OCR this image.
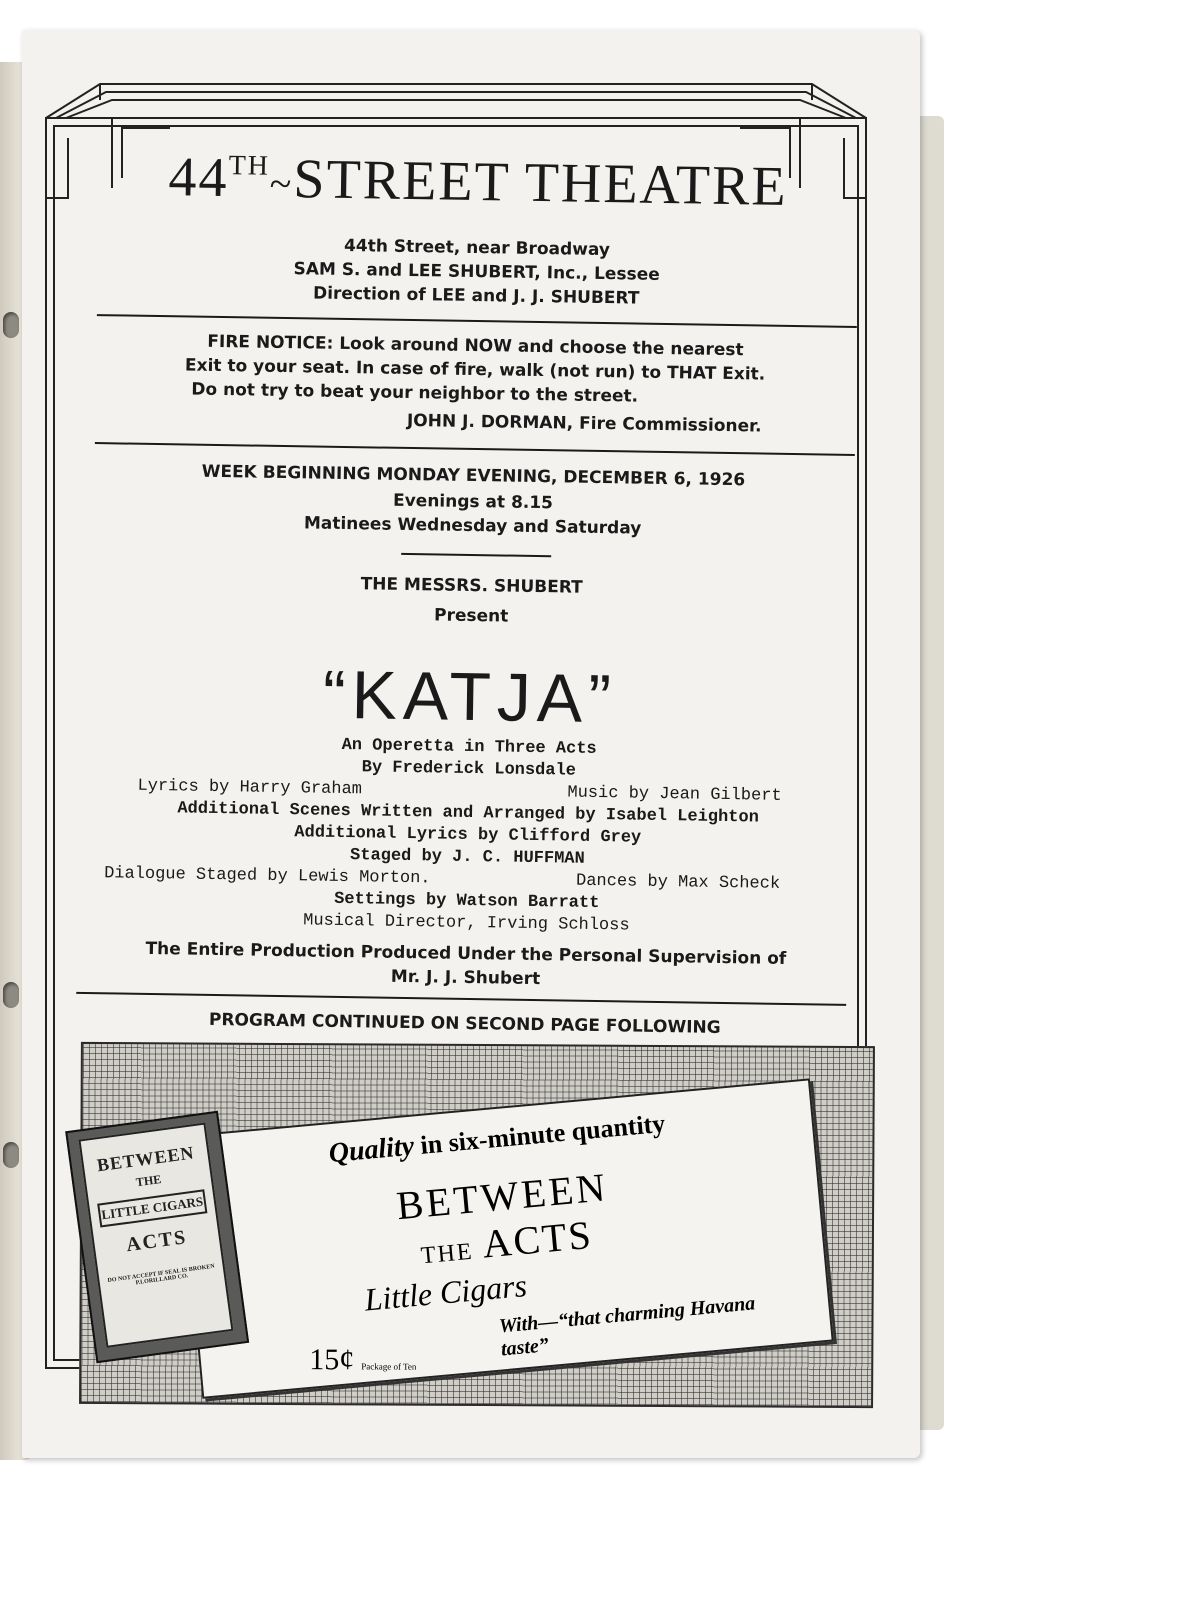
44TH~STREET THEATRE
44th Street, near Broadway
SAM S. and LEE SHUBERT, Inc., Lessee
Direction of LEE and J. J. SHUBERT
FIRE NOTICE: Look around NOW and choose the nearest
Exit to your seat. In case of fire, walk (not run) to THAT Exit.
Do not try to beat your neighbor to the street.
JOHN J. DORMAN, Fire Commissioner.
WEEK BEGINNING MONDAY EVENING, DECEMBER 6, 1926
Evenings at 8.15
Matinees Wednesday and Saturday
THE MESSRS. SHUBERT
Present
“KATJA”
An Operetta in Three Acts
By Frederick Lonsdale
Lyrics by Harry Graham	Music by Jean Gilbert
Additional Scenes Written and Arranged by Isabel Leighton
Additional Lyrics by Clifford Grey
Staged by J. C. HUFFMAN
Dialogue Staged by Lewis Morton.	Dances by Max Scheck
Settings by Watson Barratt
Musical Director, Irving Schloss
The Entire Production Produced Under the Personal Supervision of
Mr. J. J. Shubert
PROGRAM CONTINUED ON SECOND PAGE FOLLOWING
Quality in six-minute quantity
BETWEEN
THE ACTS
Little Cigars
With—“that charming Havana taste”
BETWEEN
THE
LITTLE CIGARS
ACTS
DO NOT ACCEPT IF SEAL IS BROKEN P.LORILLARD CO.
15¢ Package of Ten
